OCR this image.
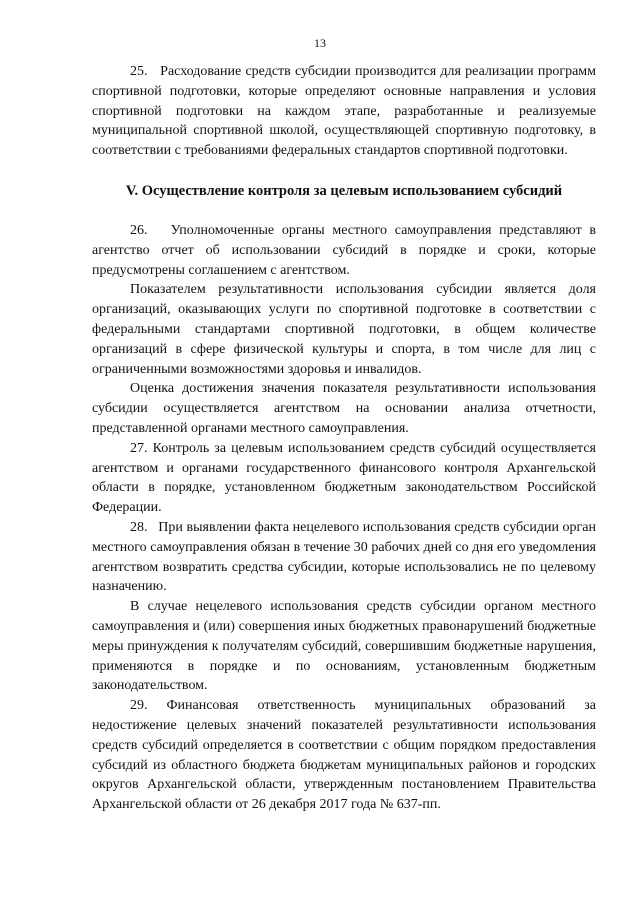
13

25.   Расходование средств субсидии производится для реализации программ спортивной подготовки, которые определяют основные направления и условия спортивной подготовки на каждом этапе, разработанные и реализуемые муниципальной спортивной школой, осуществляющей спортивную подготовку, в соответствии с требованиями федеральных стандартов спортивной подготовки.

V. Осуществление контроля за целевым использованием субсидий

26.   Уполномоченные органы местного самоуправления представляют в агентство отчет об использовании субсидий в порядке и сроки, которые предусмотрены соглашением с агентством.

Показателем результативности использования субсидии является доля организаций, оказывающих услуги по спортивной подготовке в соответствии с федеральными стандартами спортивной подготовки, в общем количестве организаций в сфере физической культуры и спорта, в том числе для лиц с ограниченными возможностями здоровья и инвалидов.

Оценка достижения значения показателя результативности использования субсидии осуществляется агентством на основании анализа отчетности, представленной органами местного самоуправления.

27. Контроль за целевым использованием средств субсидий осуществляется агентством и органами государственного финансового контроля Архангельской области в порядке, установленном бюджетным законодательством Российской Федерации.

28.   При выявлении факта нецелевого использования средств субсидии орган местного самоуправления обязан в течение 30 рабочих дней со дня его уведомления агентством возвратить средства субсидии, которые использовались не по целевому назначению.

В случае нецелевого использования средств субсидии органом местного самоуправления и (или) совершения иных бюджетных правонарушений бюджетные меры принуждения к получателям субсидий, совершившим бюджетные нарушения, применяются в порядке и по основаниям, установленным бюджетным законодательством.

29. Финансовая ответственность муниципальных образований за недостижение целевых значений показателей результативности использования средств субсидий определяется в соответствии с общим порядком предоставления субсидий из областного бюджета бюджетам муниципальных районов и городских округов Архангельской области, утвержденным постановлением Правительства Архангельской области от 26 декабря 2017 года № 637-пп.
